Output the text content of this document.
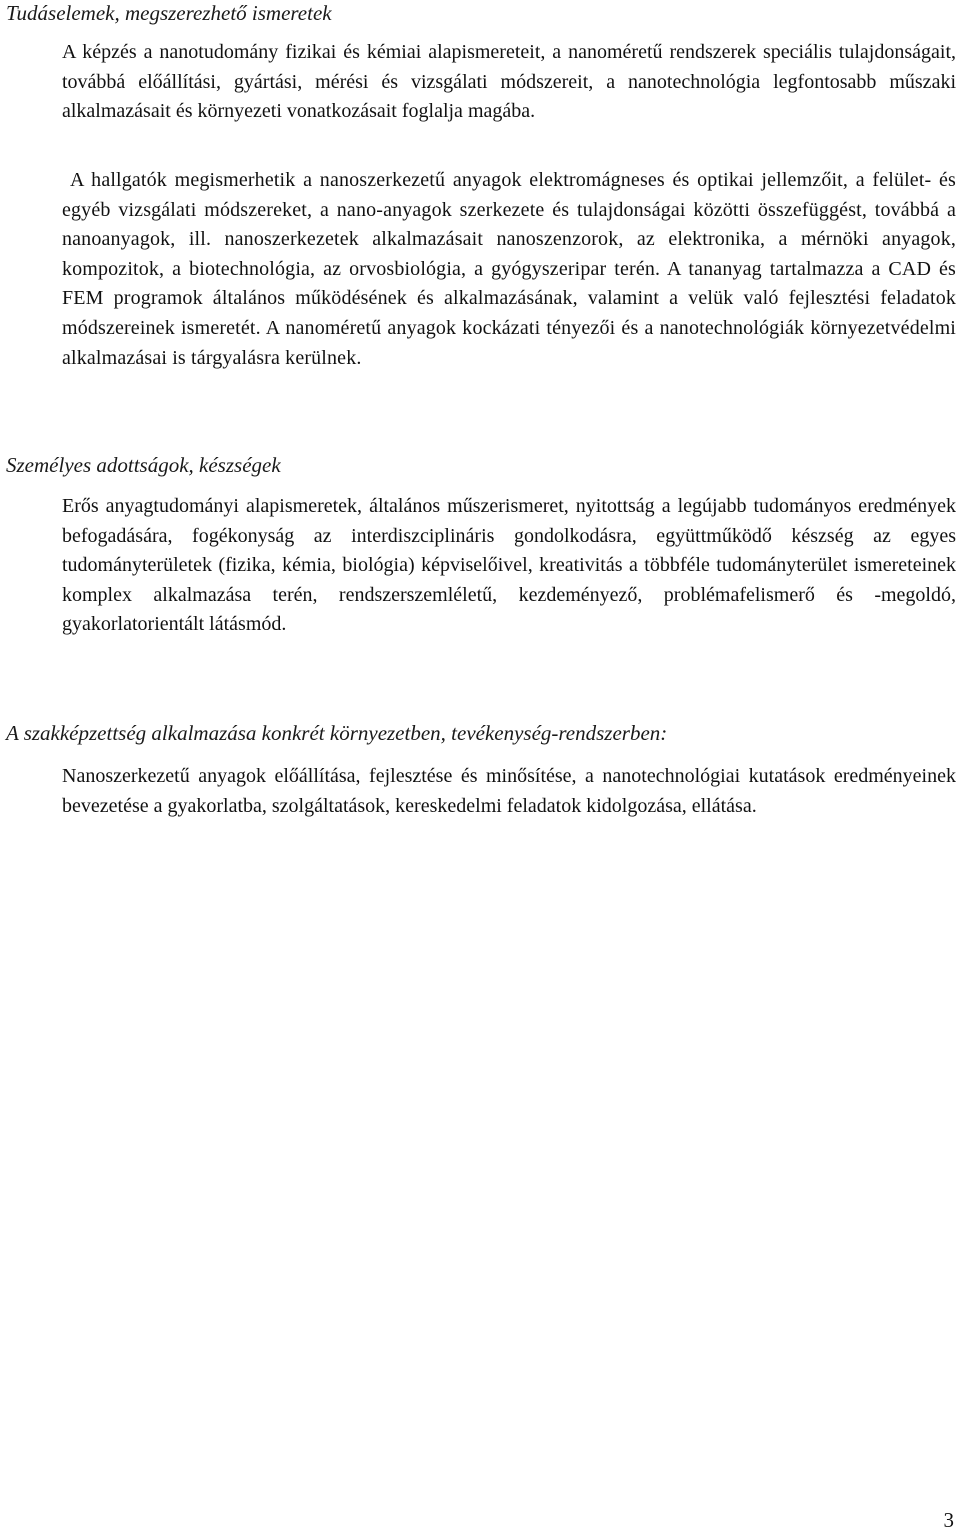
Tudáselemek, megszerezhető ismeretek

A képzés a nanotudomány fizikai és kémiai alapismereteit, a nanoméretű rendszerek speciális tulajdonságait, továbbá előállítási, gyártási, mérési és vizsgálati módszereit, a nanotechnológia legfontosabb műszaki alkalmazásait és környezeti vonatkozásait foglalja magába.

A hallgatók megismerhetik a nanoszerkezetű anyagok elektromágneses és optikai jellemzőit, a felület- és egyéb vizsgálati módszereket, a nano-anyagok szerkezete és tulajdonságai közötti összefüggést, továbbá a nanoanyagok, ill. nanoszerkezetek alkalmazásait nanoszenzorok, az elektronika, a mérnöki anyagok, kompozitok, a biotechnológia, az orvosbiológia, a gyógyszeripar terén. A tananyag tartalmazza a CAD és FEM programok általános működésének és alkalmazásának, valamint a velük való fejlesztési feladatok módszereinek ismeretét. A nanoméretű anyagok kockázati tényezői és a nanotechnológiák környezetvédelmi alkalmazásai is tárgyalásra kerülnek.

Személyes adottságok, készségek

Erős anyagtudományi alapismeretek, általános műszerismeret, nyitottság a legújabb tudományos eredmények befogadására, fogékonyság az interdiszciplináris gondolkodásra, együttműködő készség az egyes tudományterületek (fizika, kémia, biológia) képviselőivel, kreativitás a többféle tudományterület ismereteinek komplex alkalmazása terén, rendszerszemléletű, kezdeményező, problémafelismerő és -megoldó, gyakorlatorientált látásmód.

A szakképzettség alkalmazása konkrét környezetben, tevékenység-rendszerben:

Nanoszerkezetű anyagok előállítása, fejlesztése és minősítése, a nanotechnológiai kutatások eredményeinek bevezetése a gyakorlatba, szolgáltatások, kereskedelmi feladatok kidolgozása, ellátása.

3
